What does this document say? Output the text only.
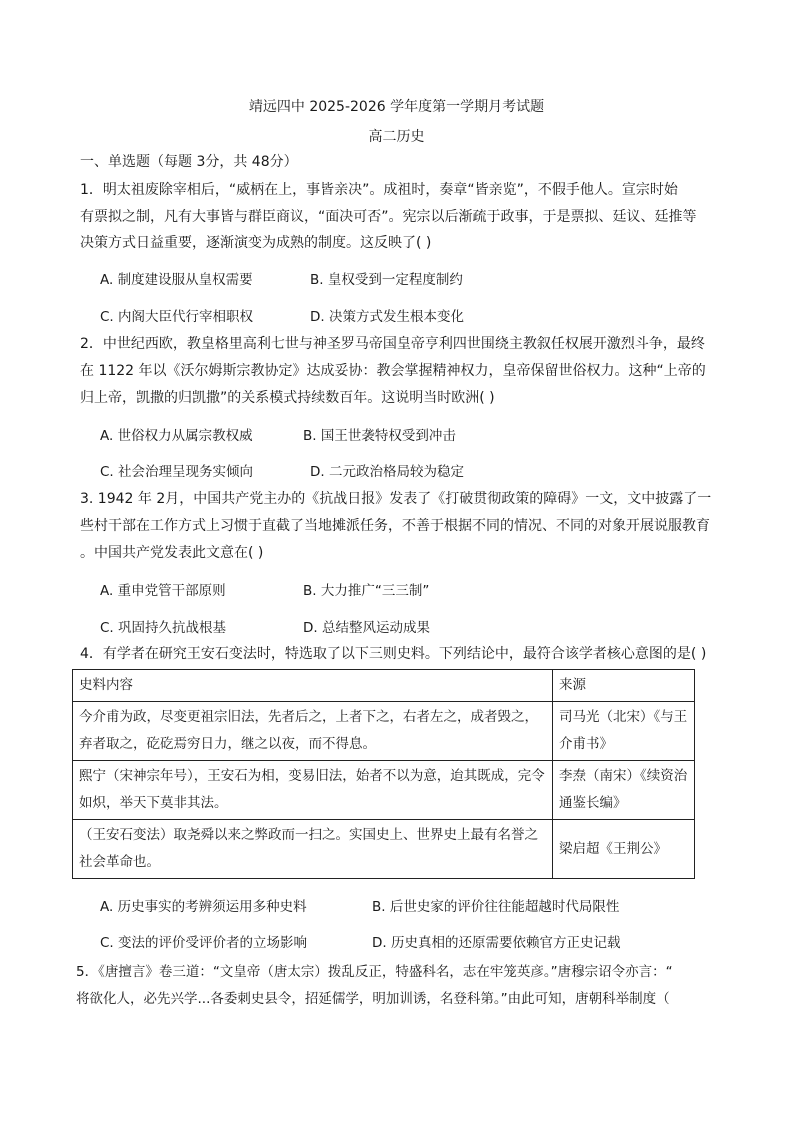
靖远四中 2025-2026 学年度第一学期月考试题
高二历史
一、单选题（每题 3分，共 48分）
1．明太祖废除宰相后，“威柄在上，事皆亲决”。成祖时，奏章“皆亲览”，不假手他人。宣宗时始
有票拟之制，凡有大事皆与群臣商议，“面决可否”。宪宗以后渐疏于政事，于是票拟、廷议、廷推等
决策方式日益重要，逐渐演变为成熟的制度。这反映了( )
A. 制度建设服从皇权需要	B. 皇权受到一定程度制约
C. 内阁大臣代行宰相职权	D. 决策方式发生根本变化
2．中世纪西欧，教皇格里高利七世与神圣罗马帝国皇帝亨利四世围绕主教叙任权展开激烈斗争，最终
在 1122 年以《沃尔姆斯宗教协定》达成妥协：教会掌握精神权力，皇帝保留世俗权力。这种“上帝的
归上帝，凯撒的归凯撒”的关系模式持续数百年。这说明当时欧洲( )
A. 世俗权力从属宗教权威	B. 国王世袭特权受到冲击
C. 社会治理呈现务实倾向	D. 二元政治格局较为稳定
3. 1942 年 2月，中国共产党主办的《抗战日报》发表了《打破贯彻政策的障碍》一文，文中披露了一
些村干部在工作方式上习惯于直截了当地摊派任务，不善于根据不同的情况、不同的对象开展说服教育
。中国共产党发表此文意在( )
A. 重申党管干部原则	B. 大力推广“三三制”
C. 巩固持久抗战根基	D. 总结整风运动成果
4．有学者在研究王安石变法时，特选取了以下三则史料。下列结论中，最符合该学者核心意图的是( )
史料内容	来源
今介甫为政，尽变更祖宗旧法，先者后之，上者下之，右者左之，成者毁之，弃者取之，矻矻焉穷日力，继之以夜，而不得息。	司马光（北宋）《与王介甫书》
熙宁（宋神宗年号），王安石为相，变易旧法，始者不以为意，迨其既成，完令如炽，举天下莫非其法。	李焘（南宋）《续资治通鉴长编》
（王安石变法）取尧舜以来之弊政而一扫之。实国史上、世界史上最有名誉之社会革命也。	梁启超《王荆公》
A. 历史事实的考辨须运用多种史料	B. 后世史家的评价往往能超越时代局限性
C. 变法的评价受评价者的立场影响	D. 历史真相的还原需要依赖官方正史记载
5．《唐擅言》卷三道：“文皇帝（唐太宗）拨乱反正，特盛科名，志在牢笼英彦。”唐穆宗诏令亦言：“
将欲化人，必先兴学...各委刺史县令，招延儒学，明加训诱，名登科第。”由此可知，唐朝科举制度（
